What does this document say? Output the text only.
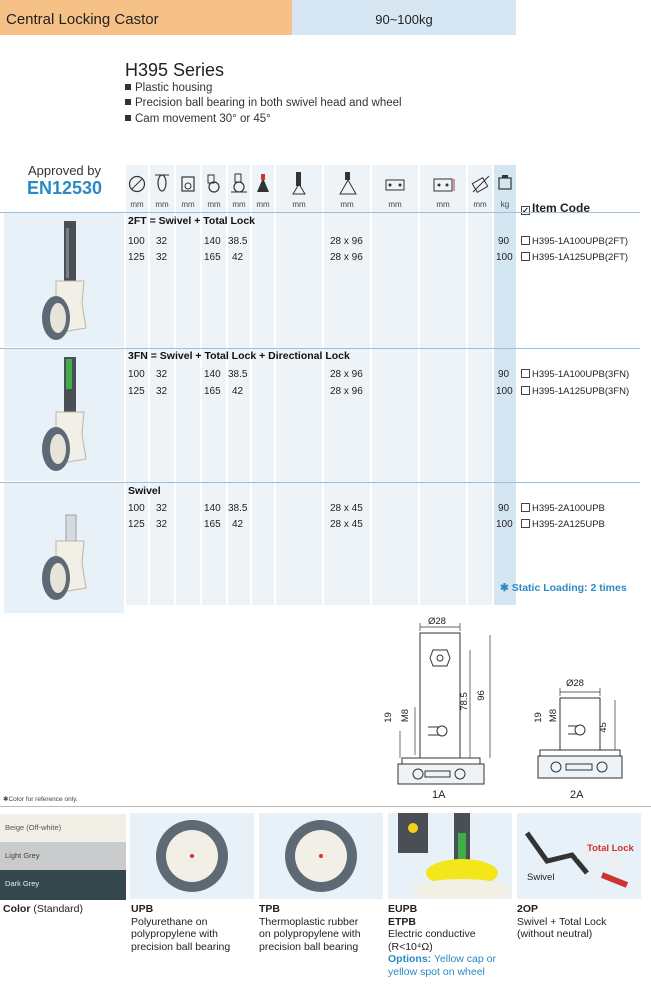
Central Locking Castor	90~100kg
H395 Series
Plastic housing
Precision ball bearing in both swivel head and wheel
Cam movement 30° or 45°
Approved by
EN12530
mm	mm	mm	mm	mm	mm	mm	mm	mm	mm	mm	kg
✓ Item Code
2FT = Swivel + Total Lock
100 32	140 38.5	28 x 96	90	H395-1A100UPB(2FT)
125 32	165 42	28 x 96	100	H395-1A125UPB(2FT)
3FN = Swivel + Total Lock + Directional Lock
100 32	140 38.5	28 x 96	90	H395-1A100UPB(3FN)
125 32	165 42	28 x 96	100	H395-1A125UPB(3FN)
Swivel
100 32	140 38.5	28 x 45	90	H395-2A100UPB
125 32	165 42	28 x 45	100	H395-2A125UPB
✱ Static Loading: 2 times
Ø28
19 M8
78.5 96
1A
Ø28
19 M8
45
2A
✱Color for reference only.
Beige (Off-white)
Light Grey
Dark Grey
Color (Standard)
Swivel
Total Lock
UPB
Polyurethane on
polypropylene with
precision ball bearing
TPB
Thermoplastic rubber
on polypropylene with
precision ball bearing
EUPB
ETPB
Electric conductive
(R<10⁴Ω)
Options: Yellow cap or
yellow spot on wheel
2OP
Swivel + Total Lock
(without neutral)
